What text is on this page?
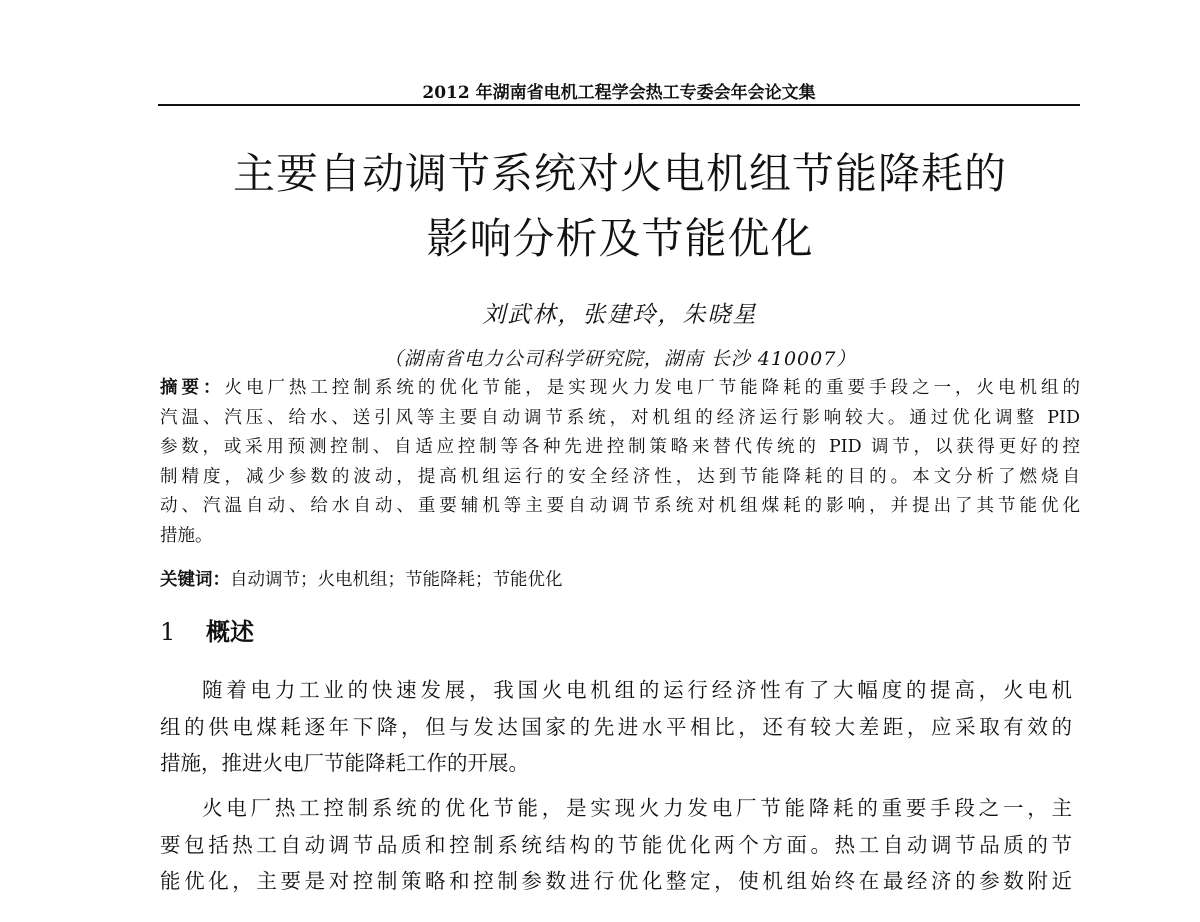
2012 年湖南省电机工程学会热工专委会年会论文集
主要自动调节系统对火电机组节能降耗的
影响分析及节能优化
刘武林，张建玲，朱晓星
（湖南省电力公司科学研究院，湖南 长沙 410007）
摘要：火电厂热工控制系统的优化节能，是实现火力发电厂节能降耗的重要手段之一，火电机组的
汽温、汽压、给水、送引风等主要自动调节系统，对机组的经济运行影响较大。通过优化调整 PID
参数，或采用预测控制、自适应控制等各种先进控制策略来替代传统的 PID 调节，以获得更好的控
制精度，减少参数的波动，提高机组运行的安全经济性，达到节能降耗的目的。本文分析了燃烧自
动、汽温自动、给水自动、重要辅机等主要自动调节系统对机组煤耗的影响，并提出了其节能优化
措施。
关键词：自动调节；火电机组；节能降耗；节能优化
1 概述
随着电力工业的快速发展，我国火电机组的运行经济性有了大幅度的提高，火电机
组的供电煤耗逐年下降，但与发达国家的先进水平相比，还有较大差距，应采取有效的
措施，推进火电厂节能降耗工作的开展。
火电厂热工控制系统的优化节能，是实现火力发电厂节能降耗的重要手段之一，主
要包括热工自动调节品质和控制系统结构的节能优化两个方面。热工自动调节品质的节
能优化，主要是对控制策略和控制参数进行优化整定，使机组始终在最经济的参数附近
